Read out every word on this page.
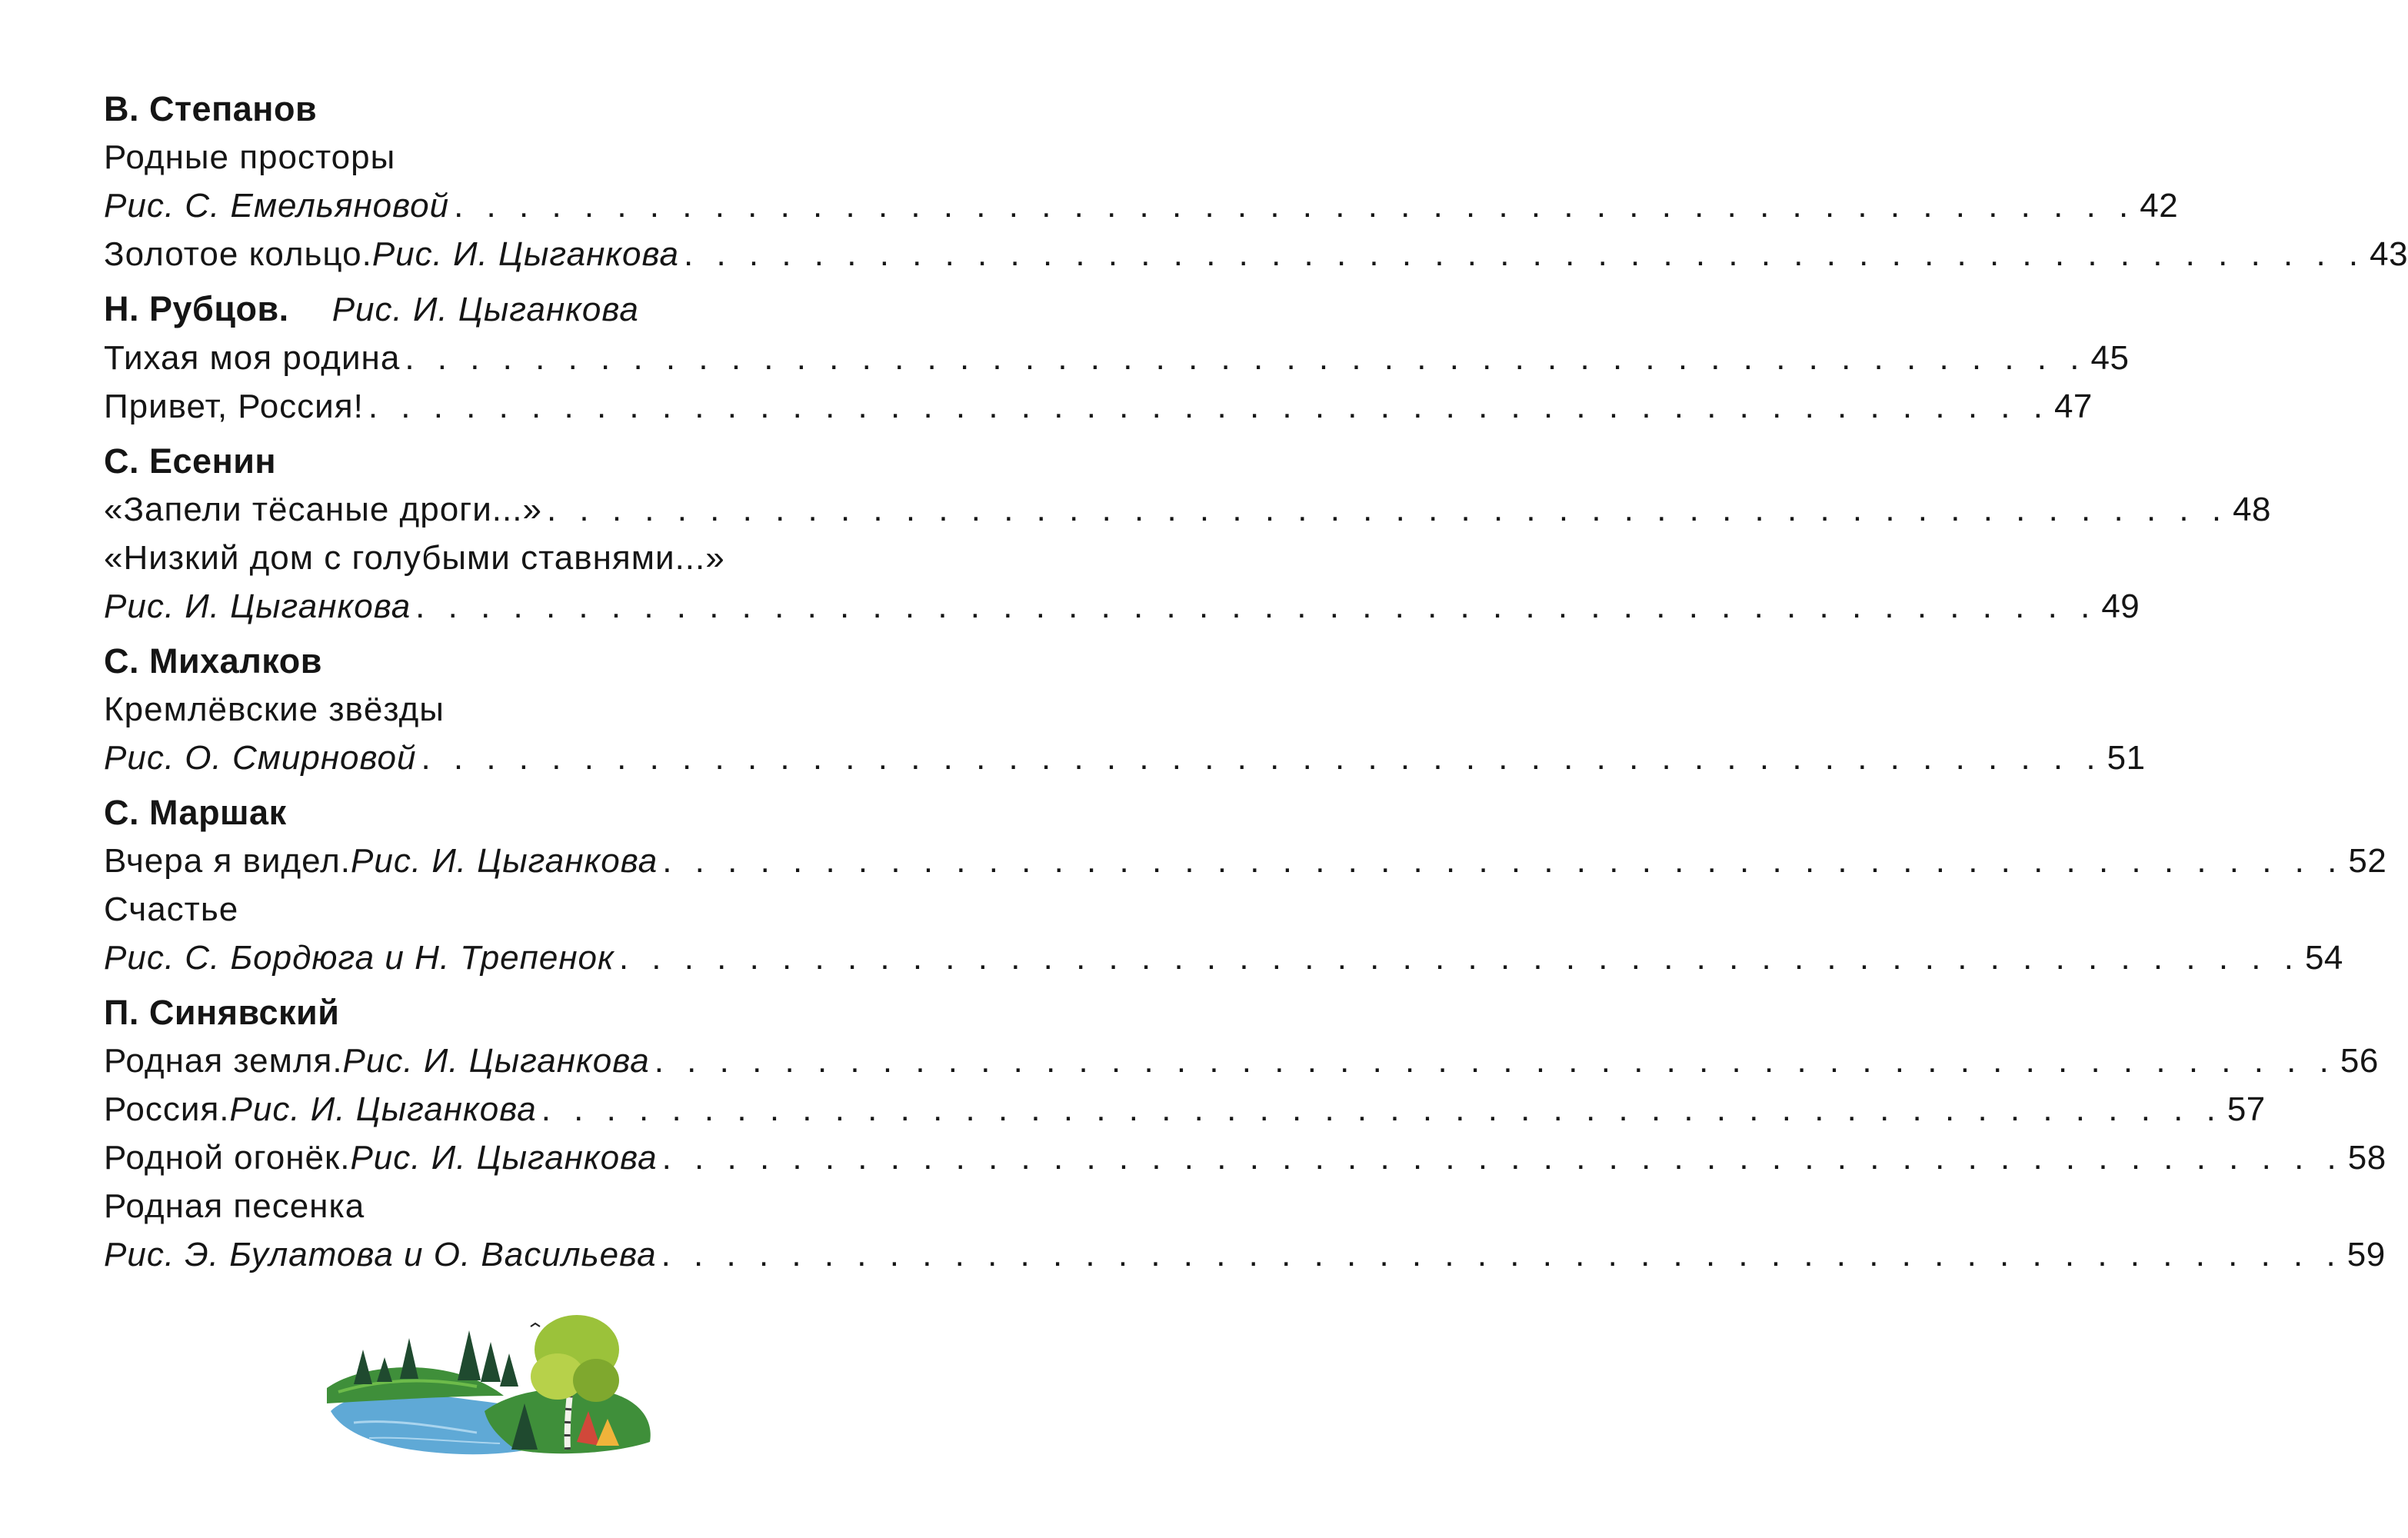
В. Степанов
Родные просторы
Рис. С. Емельяновой . . . . . . . . . . . . . . . . . . . . . . . . . . . . . . . . . . . . . . . . . . . . . . . . . . . . 42
Золотое кольцо. Рис. И. Цыганкова . . . . . . . . . . . . . . . . . . . . . . . . . . . . . . . . . . . . . . . . . . . . . . . . . . . . 43
Н. Рубцов. Рис. И. Цыганкова
Тихая моя родина . . . . . . . . . . . . . . . . . . . . . . . . . . . . . . . . . . . . . . . . . . . . . . . . . . . . 45
Привет, Россия! . . . . . . . . . . . . . . . . . . . . . . . . . . . . . . . . . . . . . . . . . . . . . . . . . . . . 47
С. Есенин
«Запели тёсаные дроги...» . . . . . . . . . . . . . . . . . . . . . . . . . . . . . . . . . . . . . . . . . . . . . . . . . . . . 48
«Низкий дом с голубыми ставнями...»
Рис. И. Цыганкова . . . . . . . . . . . . . . . . . . . . . . . . . . . . . . . . . . . . . . . . . . . . . . . . . . . . 49
С. Михалков
Кремлёвские звёзды
Рис. О. Смирновой . . . . . . . . . . . . . . . . . . . . . . . . . . . . . . . . . . . . . . . . . . . . . . . . . . . . 51
С. Маршак
Вчера я видел. Рис. И. Цыганкова . . . . . . . . . . . . . . . . . . . . . . . . . . . . . . . . . . . . . . . . . . . . . . . . . . . . 52
Счастье
Рис. С. Бордюга и Н. Трепенок . . . . . . . . . . . . . . . . . . . . . . . . . . . . . . . . . . . . . . . . . . . . . . . . . . . . 54
П. Синявский
Родная земля. Рис. И. Цыганкова . . . . . . . . . . . . . . . . . . . . . . . . . . . . . . . . . . . . . . . . . . . . . . . . . . . . 56
Россия. Рис. И. Цыганкова . . . . . . . . . . . . . . . . . . . . . . . . . . . . . . . . . . . . . . . . . . . . . . . . . . . . 57
Родной огонёк. Рис. И. Цыганкова . . . . . . . . . . . . . . . . . . . . . . . . . . . . . . . . . . . . . . . . . . . . . . . . . . . . 58
Родная песенка
Рис. Э. Булатова и О. Васильева . . . . . . . . . . . . . . . . . . . . . . . . . . . . . . . . . . . . . . . . . . . . . . . . . . . . 59
